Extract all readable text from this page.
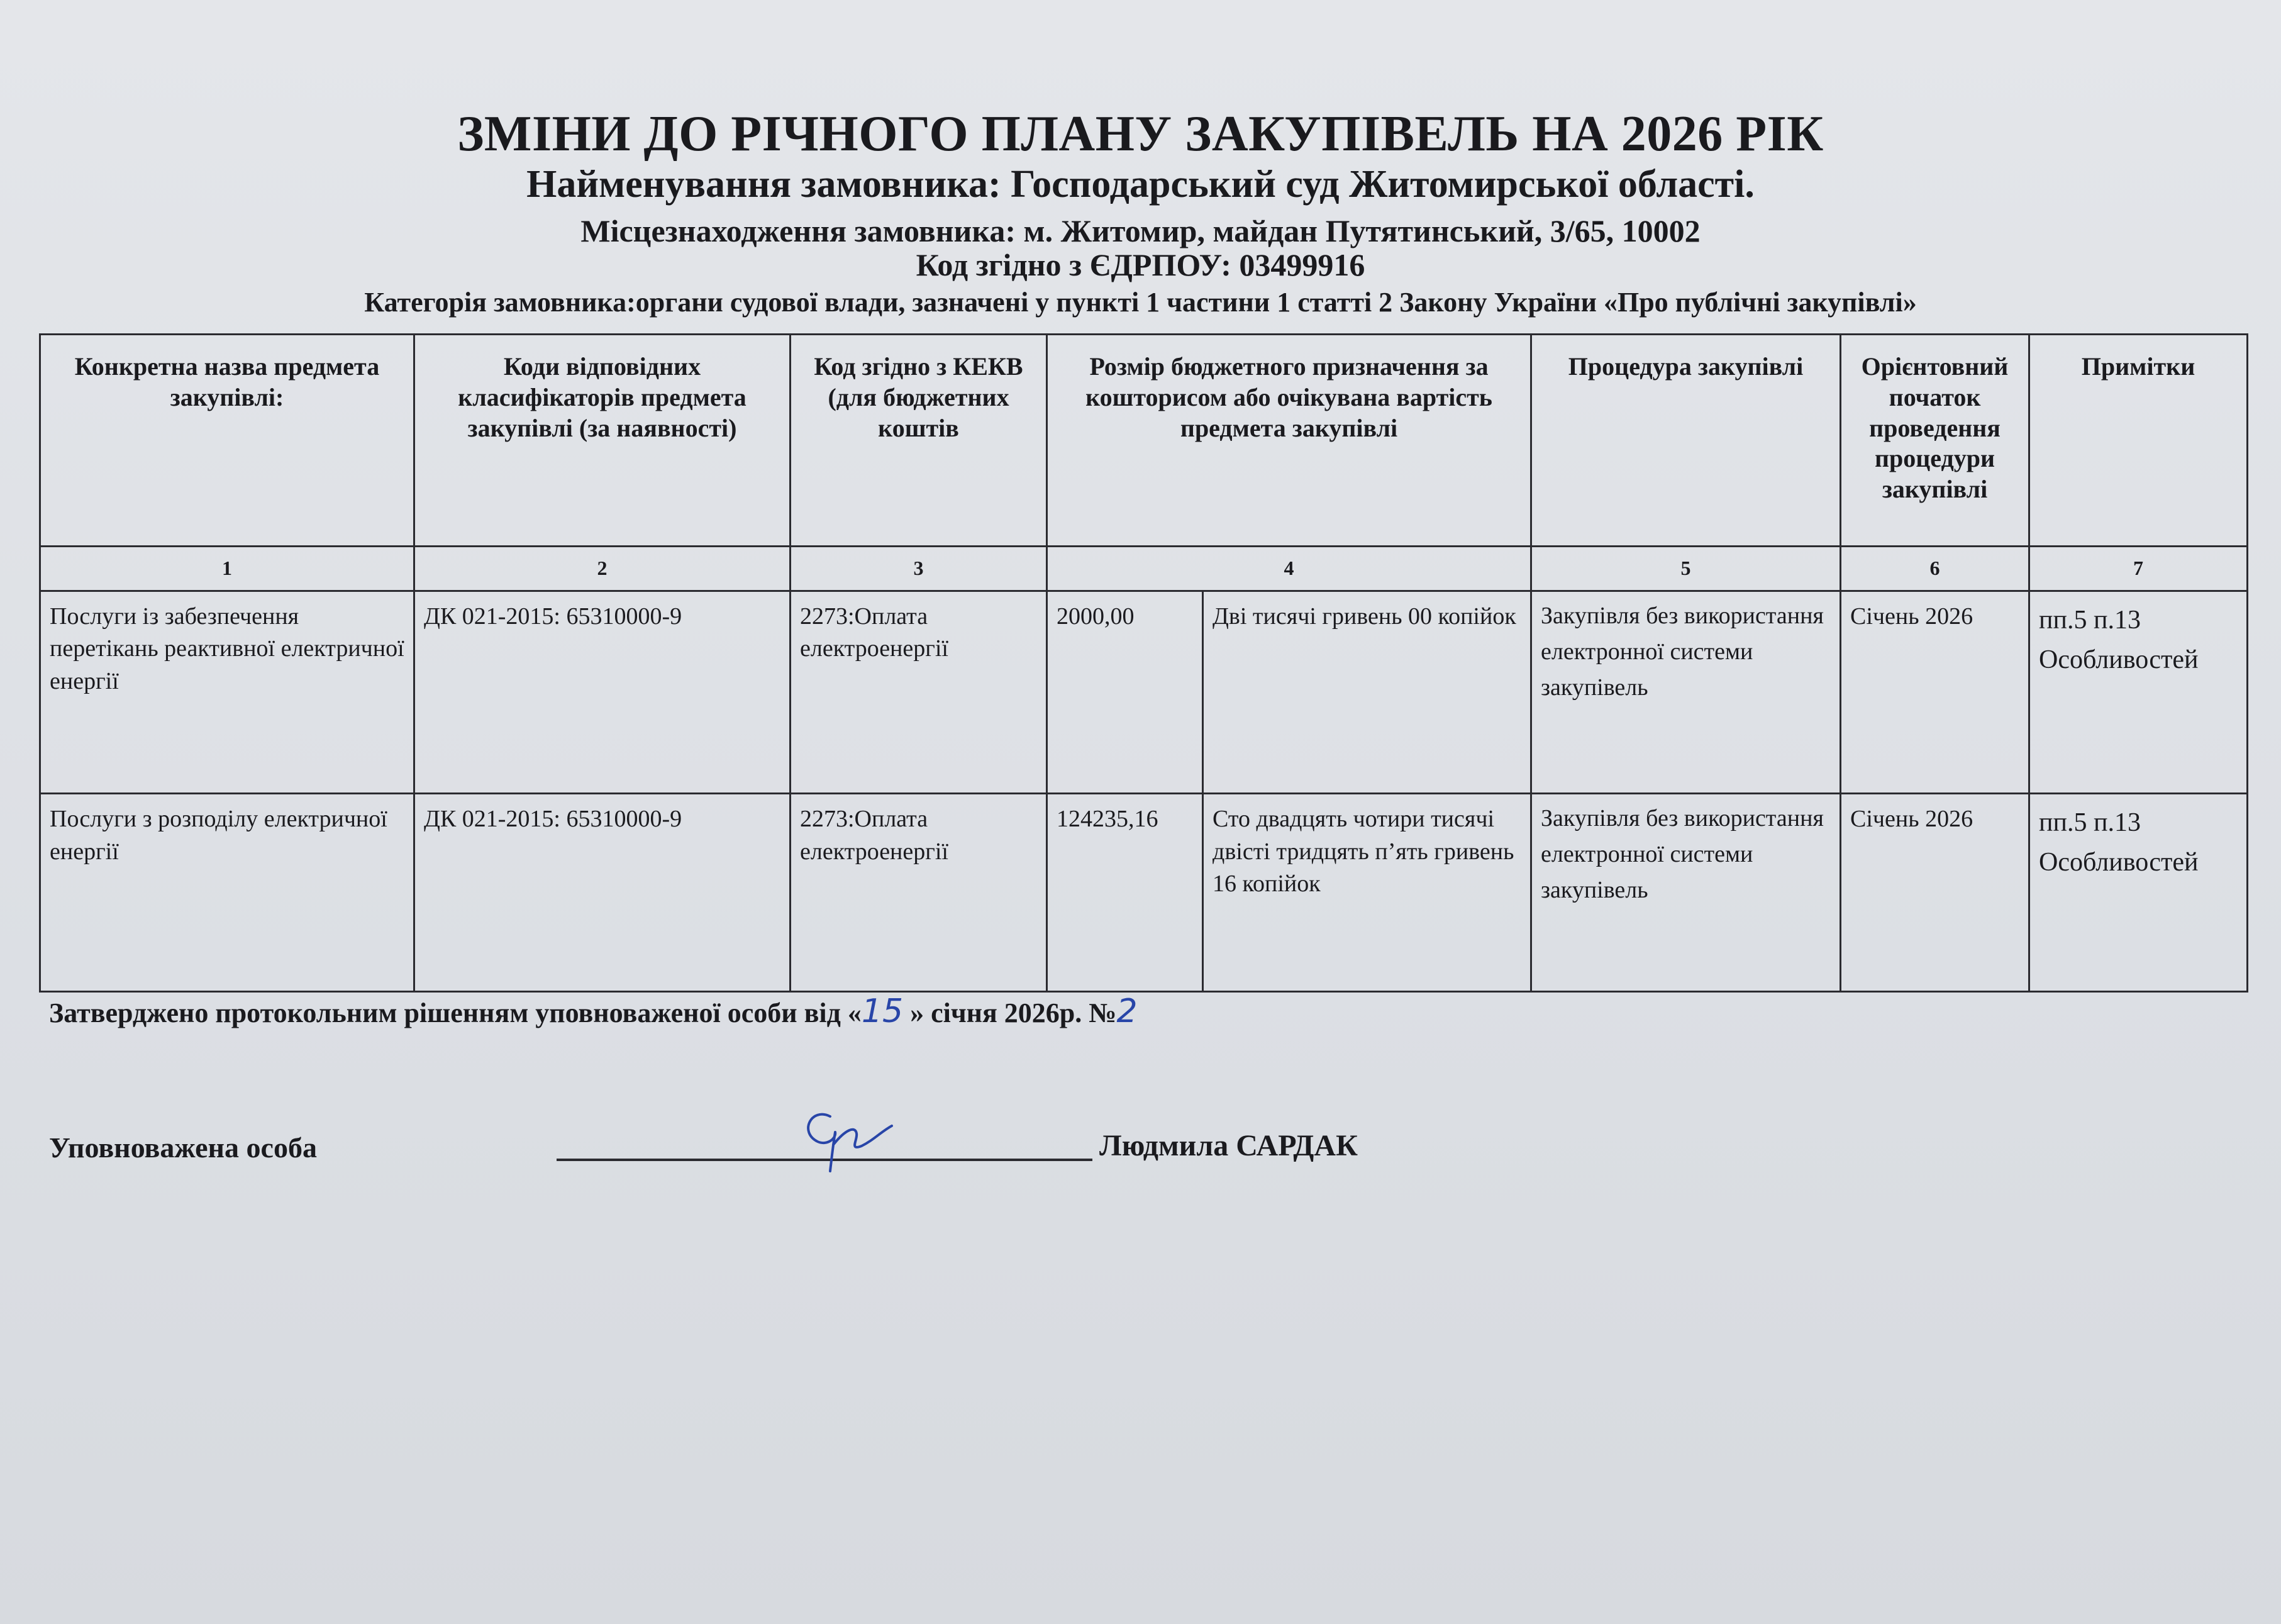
ЗМІНИ ДО РІЧНОГО ПЛАНУ ЗАКУПІВЕЛЬ НА 2026 РІК
Найменування замовника: Господарський суд Житомирської області.
Місцезнаходження замовника: м. Житомир, майдан Путятинський, 3/65, 10002
Код згідно з ЄДРПОУ: 03499916
Категорія замовника:органи судової влади, зазначені у пункті 1 частини 1 статті 2 Закону України «Про публічні закупівлі»
Конкретна назва предмета закупівлі:	Коди відповідних класифікаторів предмета закупівлі (за наявності)	Код згідно з КЕКВ (для бюджетних коштів	Розмір бюджетного призначення за кошторисом або очікувана вартість предмета закупівлі		Процедура закупівлі	Орієнтовний початок проведення процедури закупівлі	Примітки
1	2	3	4		5	6	7
Послуги із забезпечення перетікань реактивної електричної енергії	ДК 021-2015: 65310000-9	2273:Оплата електроенергії	2000,00	Дві тисячі гривень 00 копійок	Закупівля без використання електронної системи закупівель	Січень 2026	пп.5 п.13 Особливостей
Послуги з розподілу електричної енергії	ДК 021-2015: 65310000-9	2273:Оплата електроенергії	124235,16	Сто двадцять чотири тисячі двісті тридцять п’ять гривень 16 копійок	Закупівля без використання електронної системи закупівель	Січень 2026	пп.5 п.13 Особливостей
Затверджено протокольним рішенням уповноваженої особи від «15 » січня 2026р. №2
Уповноважена особа	Людмила САРДАК
